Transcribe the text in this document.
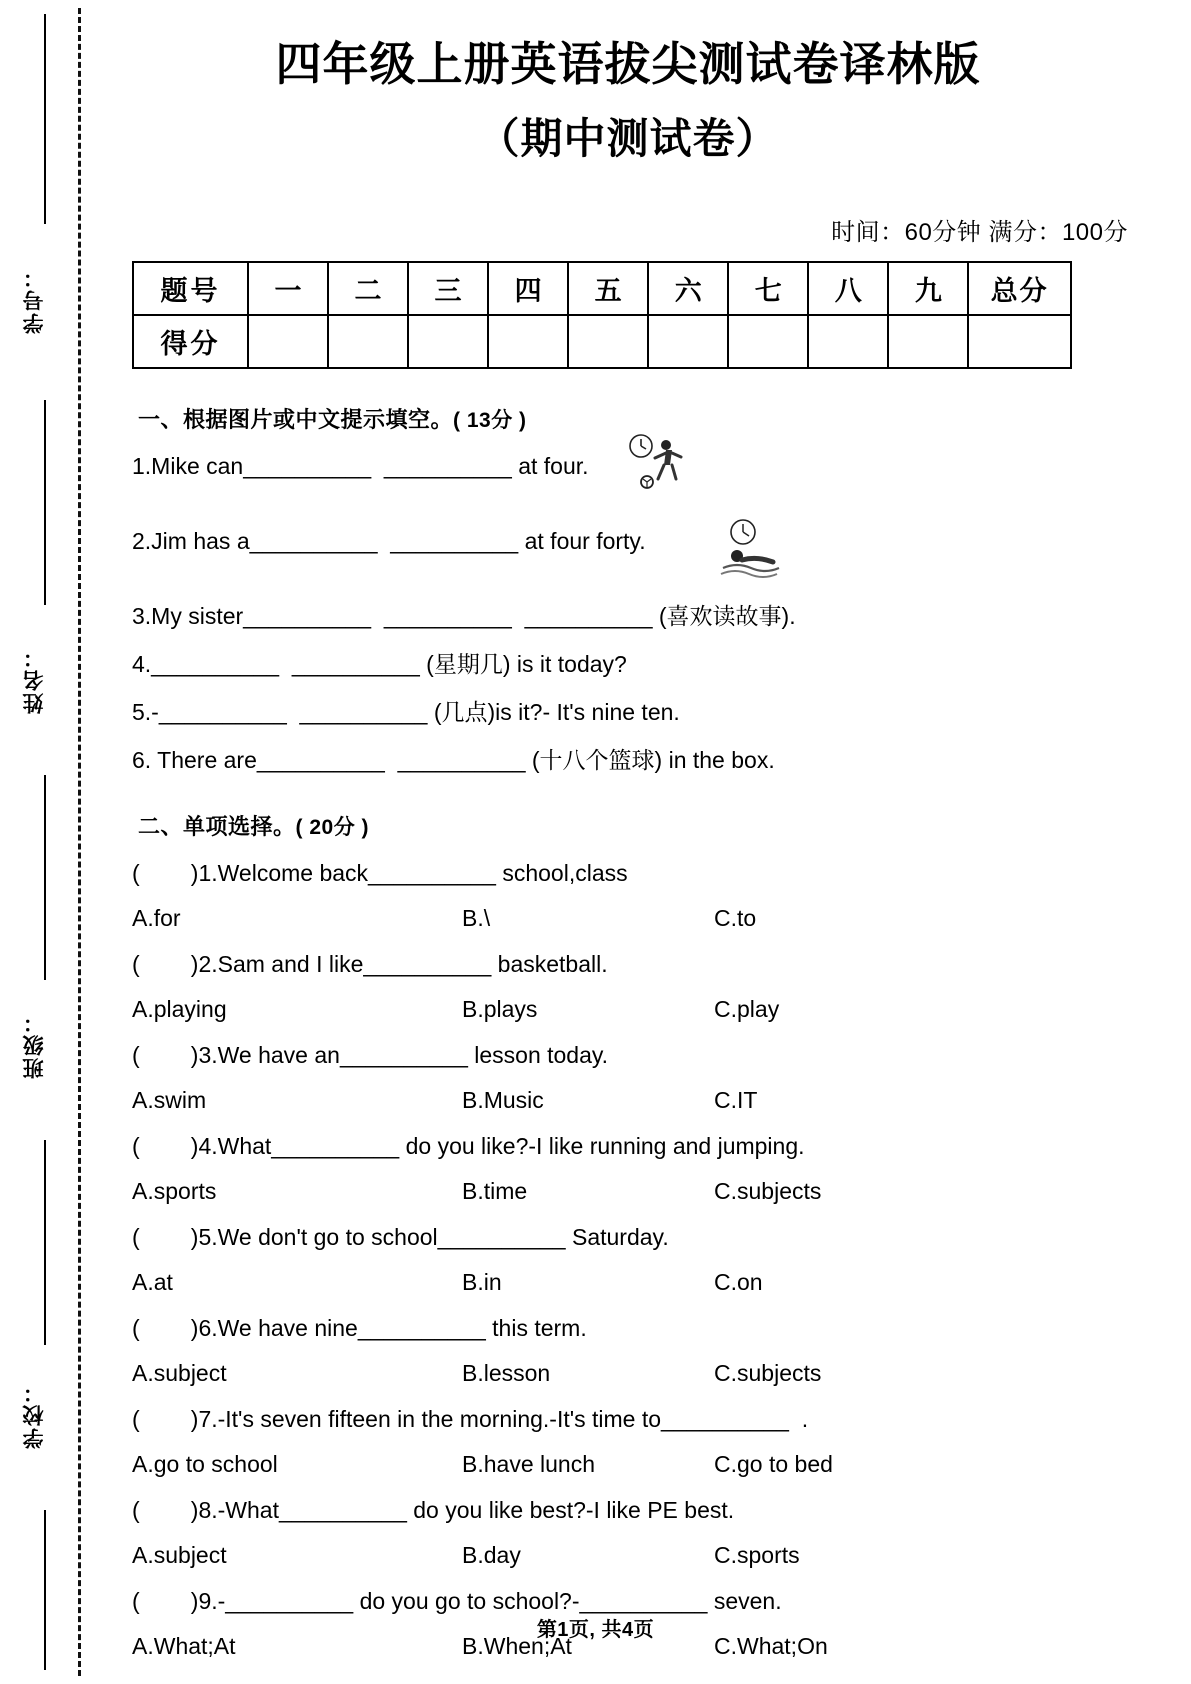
学号：
姓名：
班级：
学校：
四年级上册英语拔尖测试卷译林版
（期中测试卷）
时间：60分钟 满分：100分
题号	一	二	三	四	五	六	七	八	九	总分
得分										
一、根据图片或中文提示填空。( 13分 )
1.Mike can__________  __________ at four.
2.Jim has a__________  __________ at four forty.
3.My sister__________  __________  __________ (喜欢读故事).
4.__________  __________ (星期几) is it today?
5.-__________  __________ (几点)is it?- It's nine ten.
6. There are__________  __________ (十八个篮球) in the box.
二、单项选择。( 20分 )
(        )1.Welcome back__________ school,class
A.for	B.\	C.to
(        )2.Sam and I like__________ basketball.
A.playing	B.plays	C.play
(        )3.We have an__________ lesson today.
A.swim	B.Music	C.IT
(        )4.What__________ do you like?-I like running and jumping.
A.sports	B.time	C.subjects
(        )5.We don't go to school__________ Saturday.
A.at	B.in	C.on
(        )6.We have nine__________ this term.
A.subject	B.lesson	C.subjects
(        )7.-It's seven fifteen in the morning.-It's time to__________  .
A.go to school	B.have lunch	C.go to bed
(        )8.-What__________ do you like best?-I like PE best.
A.subject	B.day	C.sports
(        )9.-__________ do you go to school?-__________ seven.
A.What;At	B.When;At	C.What;On
第1页, 共4页
